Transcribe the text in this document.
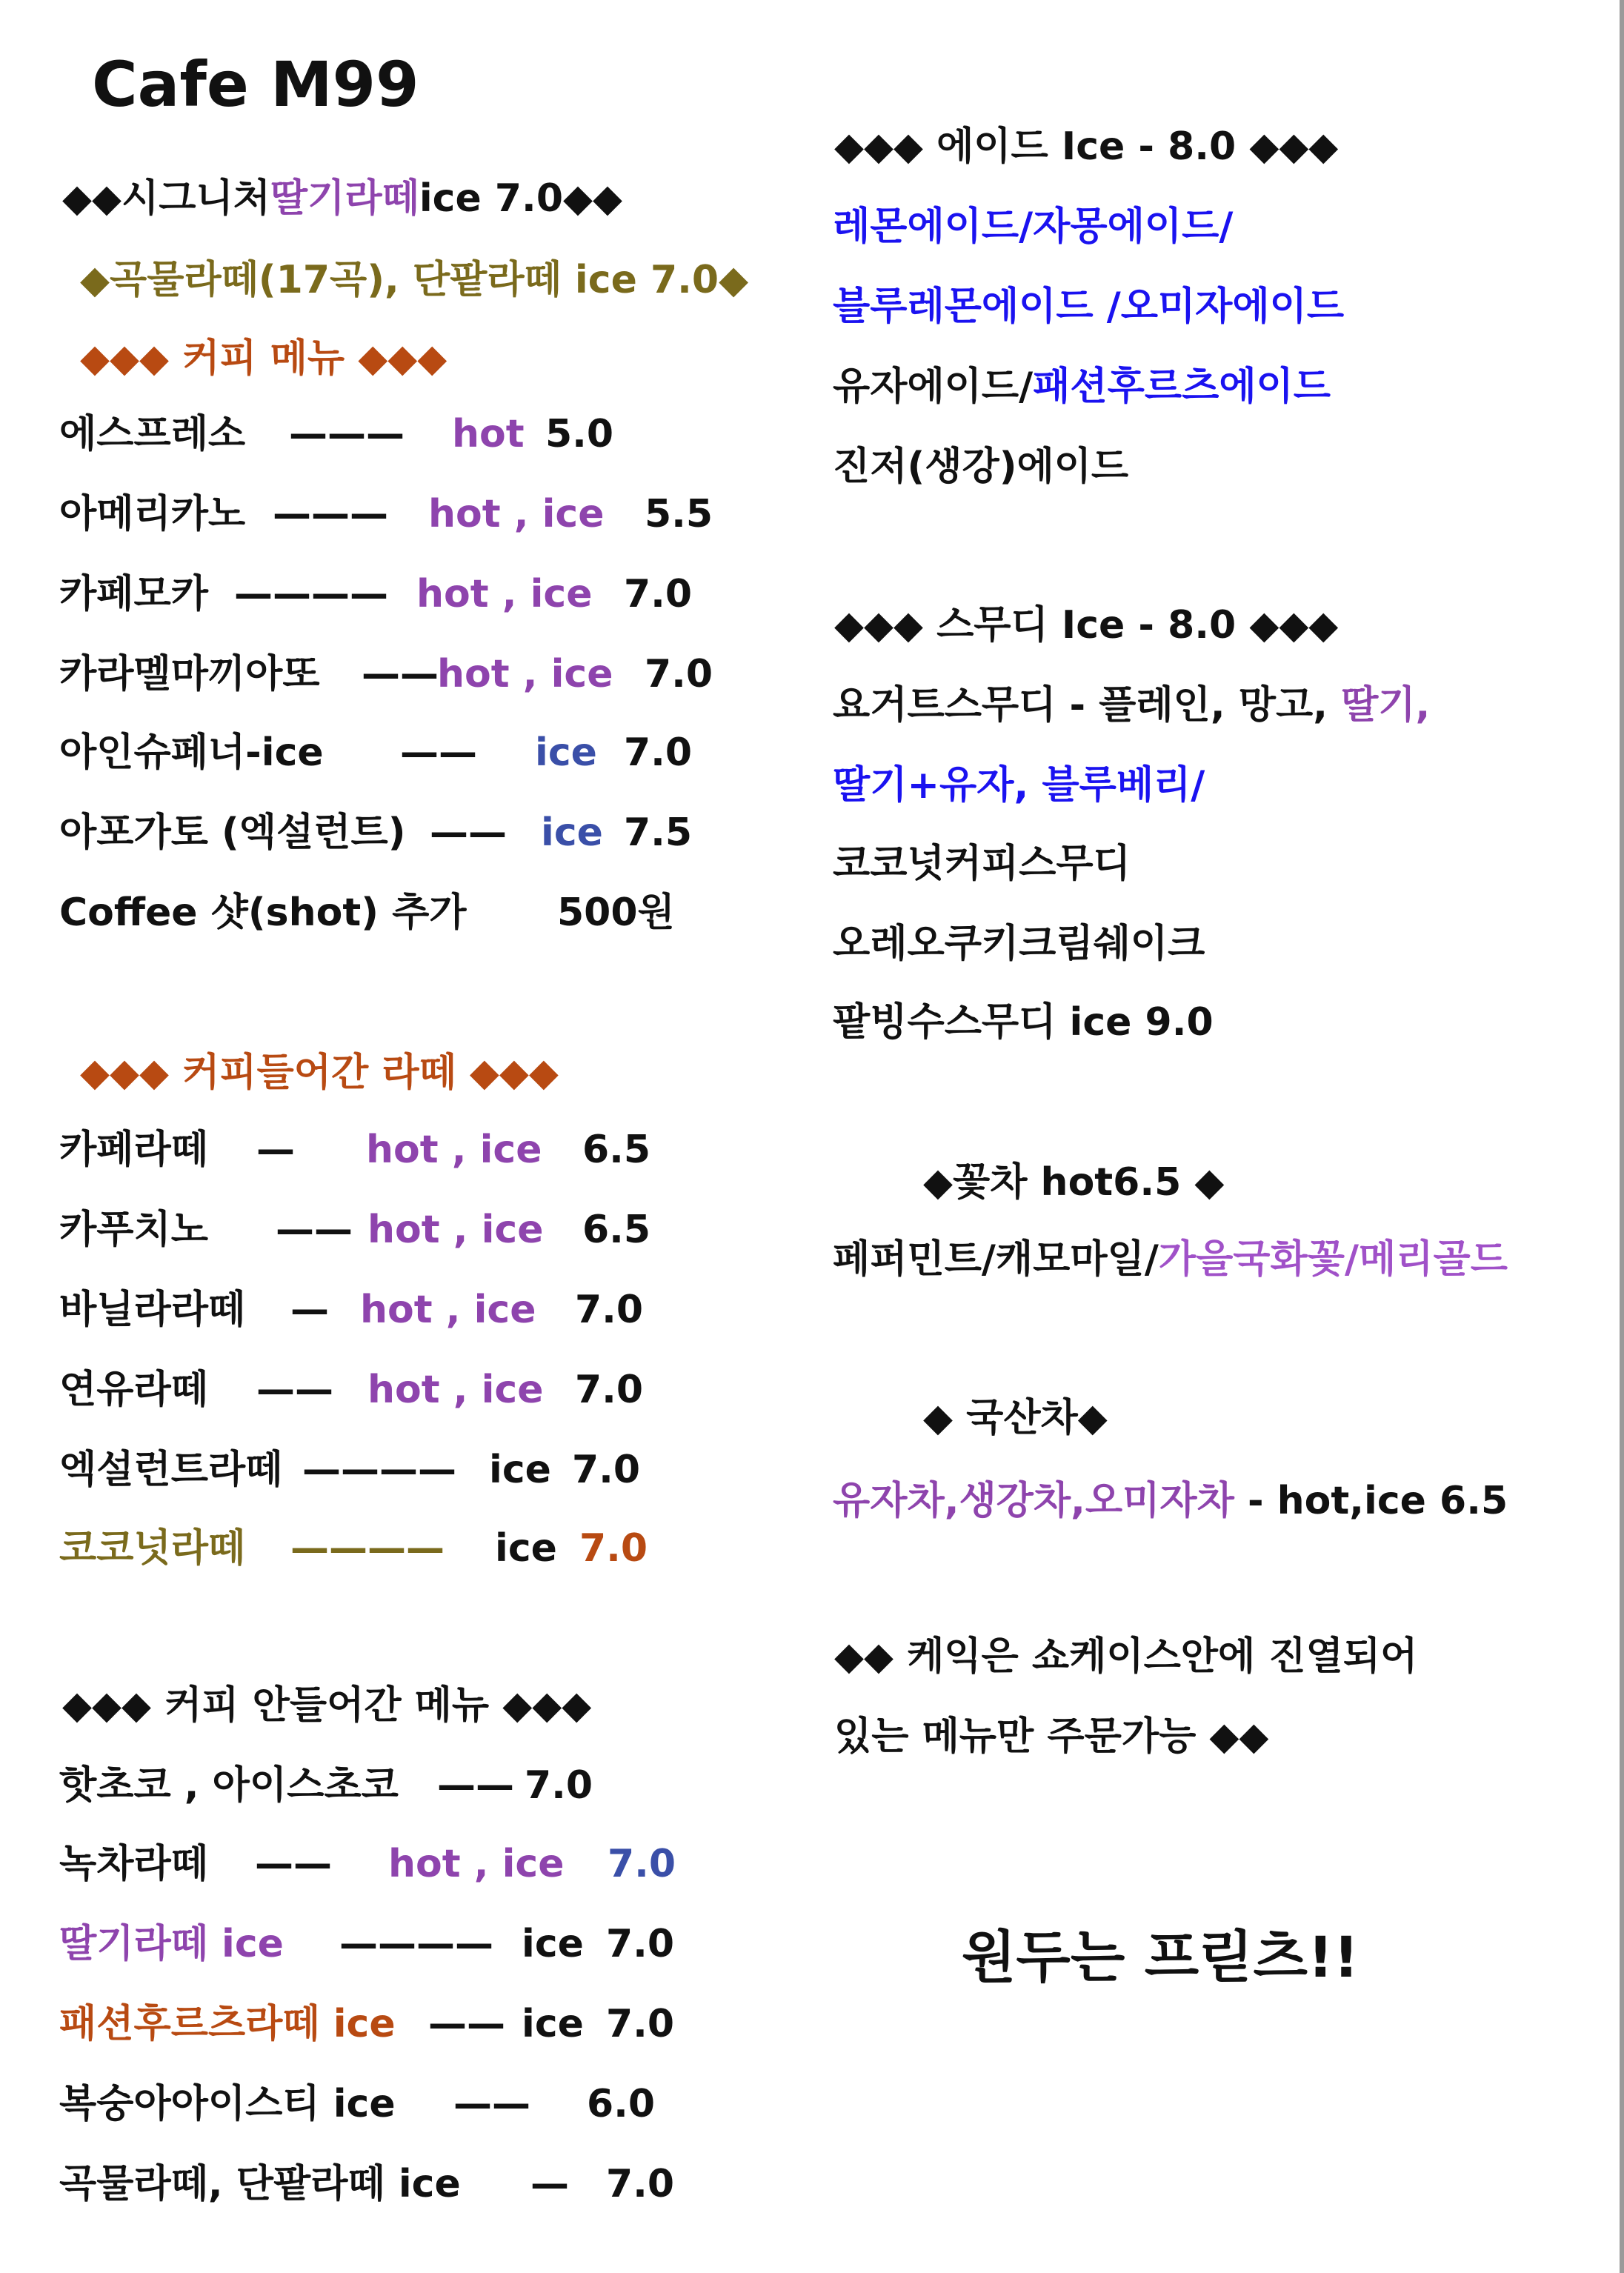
Cafe M99
◆◆시그니처딸기라떼ice 7.0◆◆
◆곡물라떼(17곡), 단팥라떼 ice 7.0◆
◆◆◆ 커피 메뉴 ◆◆◆
에스프레소 ——— hot 5.0
아메리카노 ——— hot , ice 5.5
카페모카 ———— hot , ice 7.0
카라멜마끼아또 ——
hot , ice 7.0
아인슈페너-ice —— ice 7.0
아포가토 (엑설런트) —— ice 7.5
Coffee 샷(shot) 추가 500원
◆◆◆ 커피들어간 라떼 ◆◆◆
카페라떼 — hot , ice 6.5
카푸치노 —— hot , ice 6.5
바닐라라떼 — hot , ice 7.0
연유라떼 —— hot , ice 7.0
엑설런트라떼 ———— ice 7.0
코코넛라떼 ———— ice 7.0
◆◆◆ 커피 안들어간 메뉴 ◆◆◆
핫초코 , 아이스초코 —— 7.0
녹차라떼 —— hot , ice 7.0
딸기라떼 ice ———— ice 7.0
패션후르츠라떼 ice —— ice 7.0
복숭아아이스티 ice —— 6.0
곡물라떼, 단팥라떼 ice — 7.0
◆◆◆ 에이드 Ice - 8.0 ◆◆◆
레몬에이드/자몽에이드/
블루레몬에이드 /오미자에이드
유자에이드/패션후르츠에이드
진저(생강)에이드
◆◆◆ 스무디 Ice - 8.0 ◆◆◆
요거트스무디 - 플레인, 망고, 딸기,
딸기+유자, 블루베리/
코코넛커피스무디
오레오쿠키크림쉐이크
팥빙수스무디 ice 9.0
◆꽃차 hot6.5 ◆
페퍼민트/캐모마일/가을국화꽃/메리골드
◆ 국산차◆
유자차,생강차,오미자차 - hot,ice 6.5
◆◆ 케익은 쇼케이스안에 진열되어
있는 메뉴만 주문가능 ◆◆
원두는 프릳츠!!
